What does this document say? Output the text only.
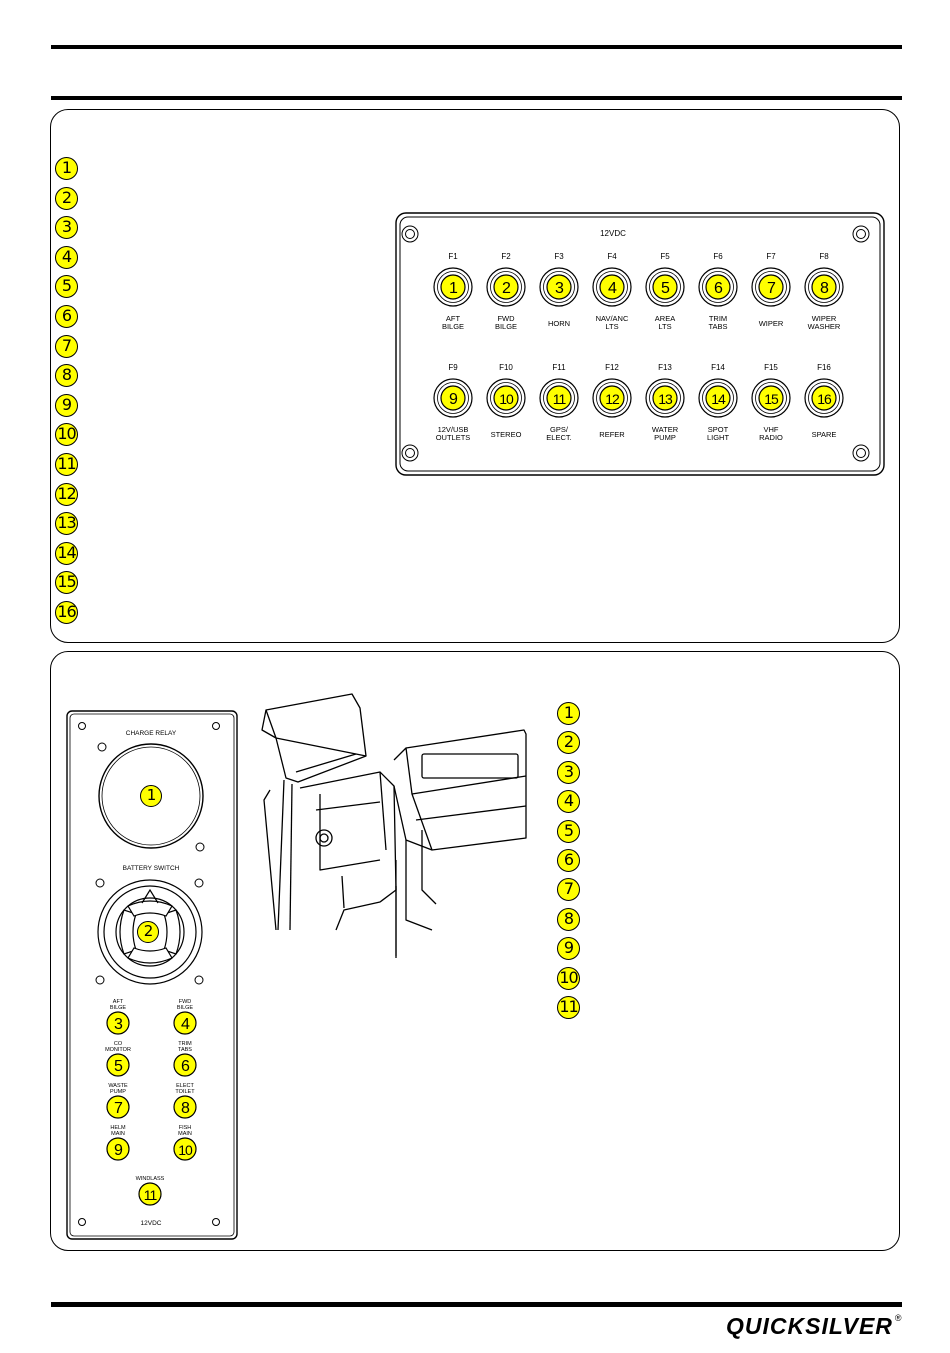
1
2
3
4
5
6
7
8
9
10
11
12
13
14
15
16
12VDC
F1
1
AFT
BILGE
F2
2
FWD
BILGE
F3
3
HORN
F4
4
NAV/ANC
LTS
F5
5
AREA
LTS
F6
6
TRIM
TABS
F7
7
WIPER
F8
8
WIPER
WASHER
F9
9
12V/USB
OUTLETS
F10
10
STEREO
F11
11
GPS/
ELECT.
F12
12
REFER
F13
13
WATER
PUMP
F14
14
SPOT
LIGHT
F15
15
VHF
RADIO
F16
16
SPARE
CHARGE RELAY
BATTERY SWITCH
AFT
BILGE
3
FWD
BILGE
4
CO
MONITOR
5
TRIM
TABS
6
WASTE
PUMP
7
ELECT
TOILET
8
HELM
MAIN
9
FISH
MAIN
10
WINDLASS
11
12VDC
1
2
1
2
3
4
5
6
7
8
9
10
11
QUICKSILVER ®
